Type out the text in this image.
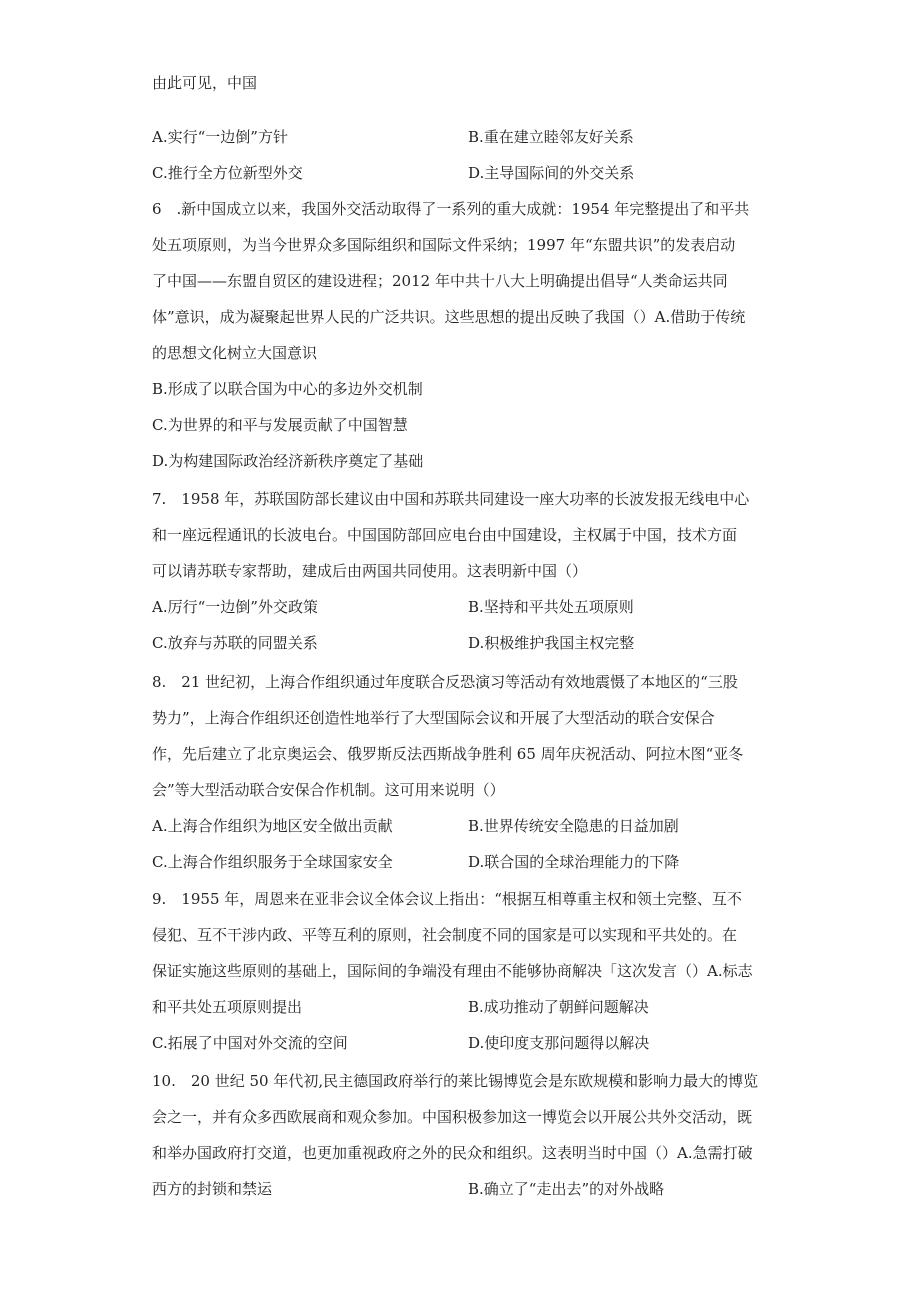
由此可见，中国
A.实行“一边倒”方针	B.重在建立睦邻友好关系
C.推行全方位新型外交	D.主导国际间的外交关系
6　.新中国成立以来，我国外交活动取得了一系列的重大成就：1954 年完整提出了和平共
处五项原则，为当今世界众多国际组织和国际文件采纳；1997 年“东盟共识”的发表启动
了中国——东盟自贸区的建设进程；2012 年中共十八大上明确提出倡导“人类命运共同
体”意识，成为凝聚起世界人民的广泛共识。这些思想的提出反映了我国（）A.借助于传统
的思想文化树立大国意识
B.形成了以联合国为中心的多边外交机制
C.为世界的和平与发展贡献了中国智慧
D.为构建国际政治经济新秩序奠定了基础
7.　1958 年，苏联国防部长建议由中国和苏联共同建设一座大功率的长波发报无线电中心
和一座远程通讯的长波电台。中国国防部回应电台由中国建设，主权属于中国，技术方面
可以请苏联专家帮助，建成后由两国共同使用。这表明新中国（）
A.厉行“一边倒”外交政策	B.坚持和平共处五项原则
C.放弃与苏联的同盟关系	D.积极维护我国主权完整
8.　21 世纪初，上海合作组织通过年度联合反恐演习等活动有效地震慑了本地区的“三股
势力”，上海合作组织还创造性地举行了大型国际会议和开展了大型活动的联合安保合
作，先后建立了北京奥运会、俄罗斯反法西斯战争胜利 65 周年庆祝活动、阿拉木图“亚冬
会”等大型活动联合安保合作机制。这可用来说明（）
A.上海合作组织为地区安全做出贡献	B.世界传统安全隐患的日益加剧
C.上海合作组织服务于全球国家安全	D.联合国的全球治理能力的下降
9.　1955 年，周恩来在亚非会议全体会议上指出：“根据互相尊重主权和领土完整、互不
侵犯、互不干涉内政、平等互利的原则，社会制度不同的国家是可以实现和平共处的。在
保证实施这些原则的基础上，国际间的争端没有理由不能够协商解决「这次发言（）A.标志
和平共处五项原则提出	B.成功推动了朝鲜问题解决
C.拓展了中国对外交流的空间	D.使印度支那问题得以解决
10.　20 世纪 50 年代初,民主德国政府举行的莱比锡博览会是东欧规模和影响力最大的博览
会之一，并有众多西欧展商和观众参加。中国积极参加这一博览会以开展公共外交活动，既
和举办国政府打交道，也更加重视政府之外的民众和组织。这表明当时中国（）A.急需打破
西方的封锁和禁运	B.确立了“走出去”的对外战略
